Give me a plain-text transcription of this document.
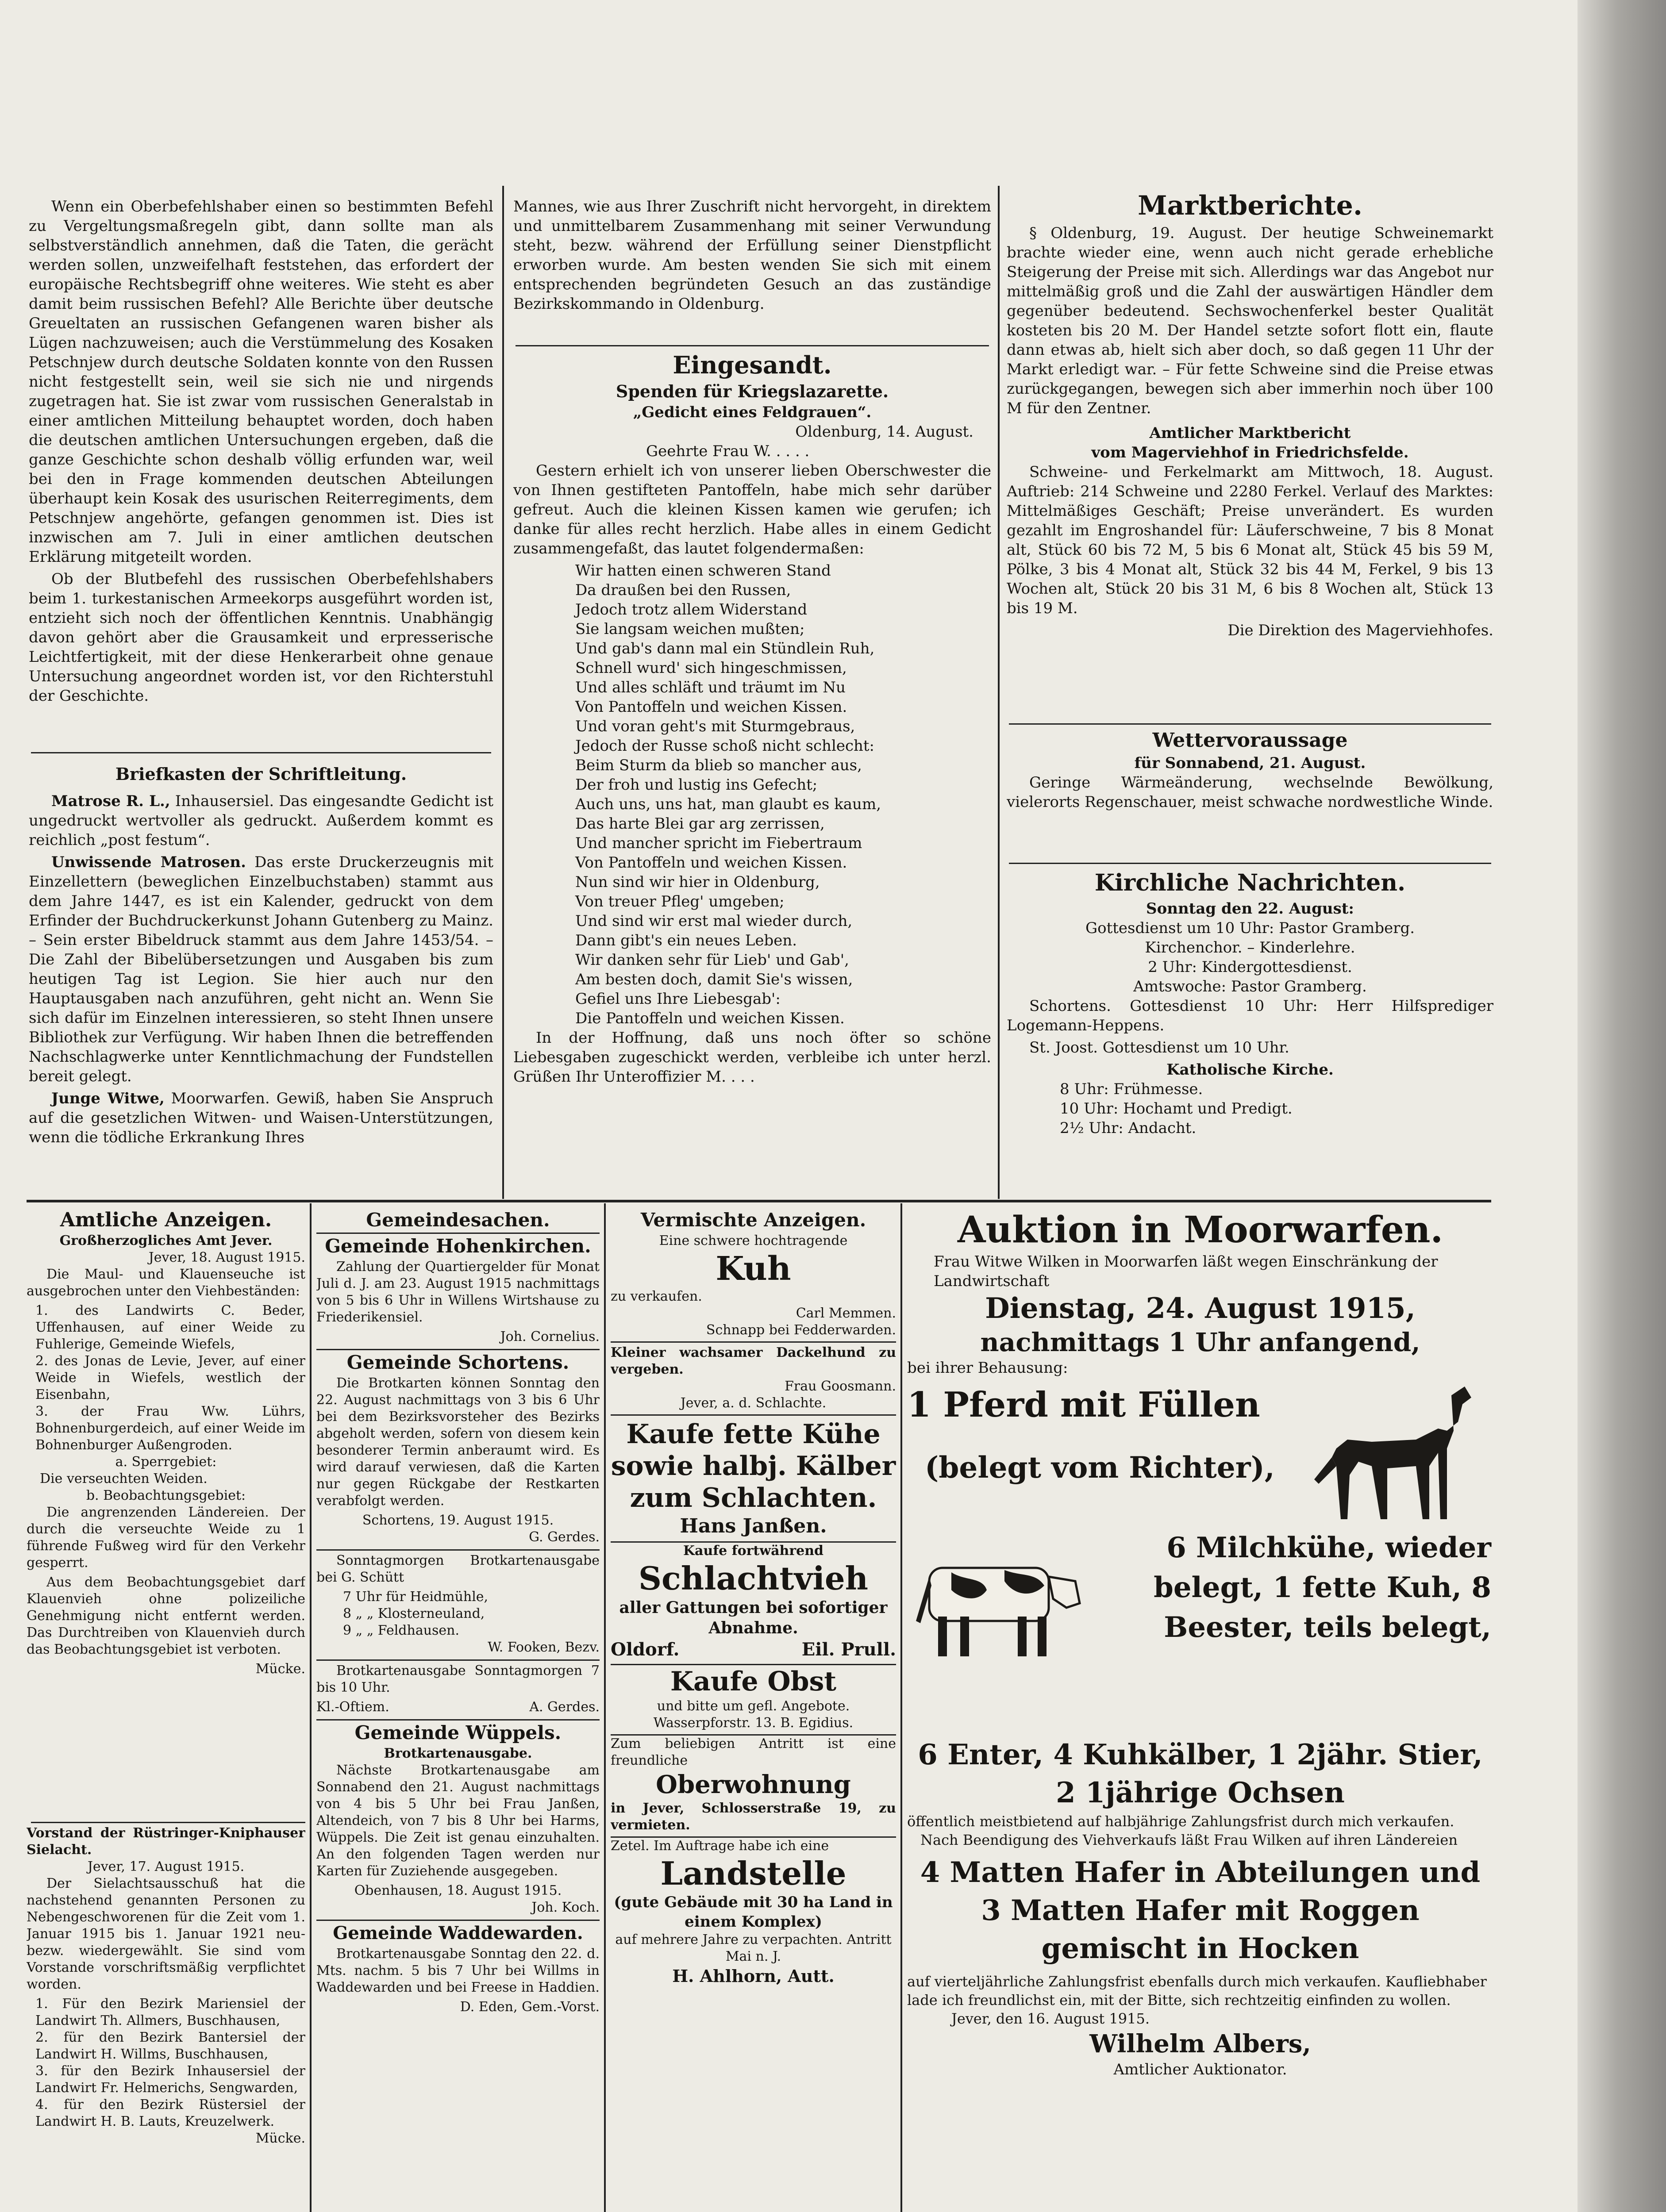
Wenn ein Oberbefehlshaber einen so bestimmten Befehl zu Vergeltungsmaßregeln gibt, dann sollte man als selbstverständlich annehmen, daß die Taten, die gerächt werden sollen, unzweifelhaft feststehen, das erfordert der europäische Rechtsbegriff ohne weiteres. Wie steht es aber damit beim russischen Befehl? Alle Berichte über deutsche Greueltaten an russischen Gefangenen waren bisher als Lügen nachzuweisen; auch die Verstümmelung des Kosaken Petschnjew durch deutsche Soldaten konnte von den Russen nicht festgestellt sein, weil sie sich nie und nirgends zugetragen hat. Sie ist zwar vom russischen Generalstab in einer amtlichen Mitteilung behauptet worden, doch haben die deutschen amtlichen Untersuchungen ergeben, daß die ganze Geschichte schon deshalb völlig erfunden war, weil bei den in Frage kommenden deutschen Abteilungen überhaupt kein Kosak des usurischen Reiterregiments, dem Petschnjew angehörte, gefangen genommen ist. Dies ist inzwischen am 7. Juli in einer amtlichen deutschen Erklärung mitgeteilt worden.

Ob der Blutbefehl des russischen Oberbefehlshabers beim 1. turkestanischen Armeekorps ausgeführt worden ist, entzieht sich noch der öffentlichen Kenntnis. Unabhängig davon gehört aber die Grausamkeit und erpresserische Leichtfertigkeit, mit der diese Henkerarbeit ohne genaue Untersuchung angeordnet worden ist, vor den Richterstuhl der Geschichte.

Briefkasten der Schriftleitung.

Matrose R. L., Inhausersiel. Das eingesandte Gedicht ist ungedruckt wertvoller als gedruckt. Außerdem kommt es reichlich „post festum“.

Unwissende Matrosen. Das erste Druckerzeugnis mit Einzellettern (beweglichen Einzelbuchstaben) stammt aus dem Jahre 1447, es ist ein Kalender, gedruckt von dem Erfinder der Buchdruckerkunst Johann Gutenberg zu Mainz. – Sein erster Bibeldruck stammt aus dem Jahre 1453/54. – Die Zahl der Bibelübersetzungen und Ausgaben bis zum heutigen Tag ist Legion. Sie hier auch nur den Hauptausgaben nach anzuführen, geht nicht an. Wenn Sie sich dafür im Einzelnen interessieren, so steht Ihnen unsere Bibliothek zur Verfügung. Wir haben Ihnen die betreffenden Nachschlagwerke unter Kenntlichmachung der Fundstellen bereit gelegt.

Junge Witwe, Moorwarfen. Gewiß, haben Sie Anspruch auf die gesetzlichen Witwen- und Waisen-Unterstützungen, wenn die tödliche Erkrankung Ihres

Mannes, wie aus Ihrer Zuschrift nicht hervorgeht, in direktem und unmittelbarem Zusammenhang mit seiner Verwundung steht, bezw. während der Erfüllung seiner Dienstpflicht erworben wurde. Am besten wenden Sie sich mit einem entsprechenden begründeten Gesuch an das zuständige Bezirkskommando in Oldenburg.

Eingesandt.
Spenden für Kriegslazarette.
„Gedicht eines Feldgrauen“.
Oldenburg, 14. August.
Geehrte Frau W. . . . .

Gestern erhielt ich von unserer lieben Oberschwester die von Ihnen gestifteten Pantoffeln, habe mich sehr darüber gefreut. Auch die kleinen Kissen kamen wie gerufen; ich danke für alles recht herzlich. Habe alles in einem Gedicht zusammengefaßt, das lautet folgendermaßen:

Wir hatten einen schweren Stand
Da draußen bei den Russen,
Jedoch trotz allem Widerstand
Sie langsam weichen mußten;
Und gab's dann mal ein Stündlein Ruh,
Schnell wurd' sich hingeschmissen,
Und alles schläft und träumt im Nu
Von Pantoffeln und weichen Kissen.
Und voran geht's mit Sturmgebraus,
Jedoch der Russe schoß nicht schlecht:
Beim Sturm da blieb so mancher aus,
Der froh und lustig ins Gefecht;
Auch uns, uns hat, man glaubt es kaum,
Das harte Blei gar arg zerrissen,
Und mancher spricht im Fiebertraum
Von Pantoffeln und weichen Kissen.
Nun sind wir hier in Oldenburg,
Von treuer Pfleg' umgeben;
Und sind wir erst mal wieder durch,
Dann gibt's ein neues Leben.
Wir danken sehr für Lieb' und Gab',
Am besten doch, damit Sie's wissen,
Gefiel uns Ihre Liebesgab':
Die Pantoffeln und weichen Kissen.

In der Hoffnung, daß uns noch öfter so schöne Liebesgaben zugeschickt werden, verbleibe ich unter herzl. Grüßen Ihr Unteroffizier M. . . .

Marktberichte.

§ Oldenburg, 19. August. Der heutige Schweinemarkt brachte wieder eine, wenn auch nicht gerade erhebliche Steigerung der Preise mit sich. Allerdings war das Angebot nur mittelmäßig groß und die Zahl der auswärtigen Händler dem gegenüber bedeutend. Sechswochenferkel bester Qualität kosteten bis 20 M. Der Handel setzte sofort flott ein, flaute dann etwas ab, hielt sich aber doch, so daß gegen 11 Uhr der Markt erledigt war. – Für fette Schweine sind die Preise etwas zurückgegangen, bewegen sich aber immerhin noch über 100 M für den Zentner.

Amtlicher Marktbericht
vom Magerviehhof in Friedrichsfelde.

Schweine- und Ferkelmarkt am Mittwoch, 18. August. Auftrieb: 214 Schweine und 2280 Ferkel. Verlauf des Marktes: Mittelmäßiges Geschäft; Preise unverändert. Es wurden gezahlt im Engroshandel für: Läuferschweine, 7 bis 8 Monat alt, Stück 60 bis 72 M, 5 bis 6 Monat alt, Stück 45 bis 59 M, Pölke, 3 bis 4 Monat alt, Stück 32 bis 44 M, Ferkel, 9 bis 13 Wochen alt, Stück 20 bis 31 M, 6 bis 8 Wochen alt, Stück 13 bis 19 M.

Die Direktion des Magerviehhofes.
Wettervoraussage
für Sonnabend, 21. August.

Geringe Wärmeänderung, wechselnde Bewölkung, vielerorts Regenschauer, meist schwache nordwestliche Winde.

Kirchliche Nachrichten.
Sonntag den 22. August:
Gottesdienst um 10 Uhr: Pastor Gramberg.
Kirchenchor. – Kinderlehre.
2 Uhr: Kindergottesdienst.
Amtswoche: Pastor Gramberg.

Schortens. Gottesdienst 10 Uhr: Herr Hilfsprediger Logemann-Heppens.

St. Joost. Gottesdienst um 10 Uhr.

Katholische Kirche.
8 Uhr: Frühmesse.
10 Uhr: Hochamt und Predigt.
2½ Uhr: Andacht.
Amtliche Anzeigen.
Großherzogliches Amt Jever.
Jever, 18. August 1915.

Die Maul- und Klauenseuche ist ausgebrochen unter den Viehbeständen:

1. des Landwirts C. Beder, Uffenhausen, auf einer Weide zu Fuhlerige, Gemeinde Wiefels,
2. des Jonas de Levie, Jever, auf einer Weide in Wiefels, westlich der Eisenbahn,
3. der Frau Ww. Lührs, Bohnenburgerdeich, auf einer Weide im Bohnenburger Außengroden.
a. Sperrgebiet:
Die verseuchten Weiden.
b. Beobachtungsgebiet:

Die angrenzenden Ländereien. Der durch die verseuchte Weide zu 1 führende Fußweg wird für den Verkehr gesperrt.

Aus dem Beobachtungsgebiet darf Klauenvieh ohne polizeiliche Genehmigung nicht entfernt werden. Das Durchtreiben von Klauenvieh durch das Beobachtungsgebiet ist verboten.

Mücke.
Vorstand der Rüstringer-Kniphauser Sielacht.
Jever, 17. August 1915.

Der Sielachtsausschuß hat die nachstehend genannten Personen zu Nebengeschworenen für die Zeit vom 1. Januar 1915 bis 1. Januar 1921 neu- bezw. wiedergewählt. Sie sind vom Vorstande vorschriftsmäßig verpflichtet worden.

1. Für den Bezirk Mariensiel der Landwirt Th. Allmers, Buschhausen,
2. für den Bezirk Bantersiel der Landwirt H. Willms, Buschhausen,
3. für den Bezirk Inhausersiel der Landwirt Fr. Helmerichs, Sengwarden,
4. für den Bezirk Rüstersiel der Landwirt H. B. Lauts, Kreuzelwerk.
Mücke.
Gemeindesachen.
Gemeinde Hohenkirchen.

Zahlung der Quartiergelder für Monat Juli d. J. am 23. August 1915 nachmittags von 5 bis 6 Uhr in Willens Wirtshause zu Friederikensiel.

Joh. Cornelius.
Gemeinde Schortens.

Die Brotkarten können Sonntag den 22. August nachmittags von 3 bis 6 Uhr bei dem Bezirksvorsteher des Bezirks abgeholt werden, sofern von diesem kein besonderer Termin anberaumt wird. Es wird darauf verwiesen, daß die Karten nur gegen Rückgabe der Restkarten verabfolgt werden.

Schortens, 19. August 1915.
G. Gerdes.

Sonntagmorgen Brotkartenausgabe bei G. Schütt

7 Uhr für Heidmühle,
8 „ „ Klosterneuland,
9 „ „ Feldhausen.
W. Fooken, Bezv.

Brotkartenausgabe Sonntagmorgen 7 bis 10 Uhr.

Kl.-Oftiem.	A. Gerdes.
Gemeinde Wüppels.
Brotkartenausgabe.

Nächste Brotkartenausgabe am Sonnabend den 21. August nachmittags von 4 bis 5 Uhr bei Frau Janßen, Altendeich, von 7 bis 8 Uhr bei Harms, Wüppels. Die Zeit ist genau einzuhalten. An den folgenden Tagen werden nur Karten für Zuziehende ausgegeben.

Obenhausen, 18. August 1915.
Joh. Koch.
Gemeinde Waddewarden.

Brotkartenausgabe Sonntag den 22. d. Mts. nachm. 5 bis 7 Uhr bei Willms in Waddewarden und bei Freese in Haddien.

D. Eden, Gem.-Vorst.
Vermischte Anzeigen.
Eine schwere hochtragende
Kuh
zu verkaufen.
Carl Memmen.
Schnapp bei Fedderwarden.
Kleiner wachsamer Dackelhund zu vergeben.
Frau Goosmann.
Jever, a. d. Schlachte.
Kaufe fette Kühe sowie halbj. Kälber zum Schlachten.
Hans Janßen.
Kaufe fortwährend
Schlachtvieh
aller Gattungen bei sofortiger Abnahme.
Oldorf.	Eil. Prull.
Kaufe Obst
und bitte um gefl. Angebote.
Wasserpforstr. 13. B. Egidius.
Zum beliebigen Antritt ist eine freundliche
Oberwohnung
in Jever, Schlosserstraße 19, zu vermieten.
Zetel. Im Auftrage habe ich eine
Landstelle
(gute Gebäude mit 30 ha Land in einem Komplex)
auf mehrere Jahre zu verpachten. Antritt Mai n. J.
H. Ahlhorn, Autt.
Auktion in Moorwarfen.
Frau Witwe Wilken in Moorwarfen läßt wegen Einschränkung der Landwirtschaft
Dienstag, 24. August 1915,
nachmittags 1 Uhr anfangend,
bei ihrer Behausung:
1 Pferd mit Füllen
(belegt vom Richter),
6 Milchkühe, wieder belegt, 1 fette Kuh, 8 Beester, teils belegt,
6 Enter, 4 Kuhkälber, 1 2jähr. Stier,
2 1jährige Ochsen
öffentlich meistbietend auf halbjährige Zahlungsfrist durch mich verkaufen.
Nach Beendigung des Viehverkaufs läßt Frau Wilken auf ihren Ländereien
4 Matten Hafer in Abteilungen und 3 Matten Hafer mit Roggen gemischt in Hocken
auf vierteljährliche Zahlungsfrist ebenfalls durch mich verkaufen. Kaufliebhaber lade ich freundlichst ein, mit der Bitte, sich rechtzeitig einfinden zu wollen.
Jever, den 16. August 1915.
Wilhelm Albers,
Amtlicher Auktionator.
